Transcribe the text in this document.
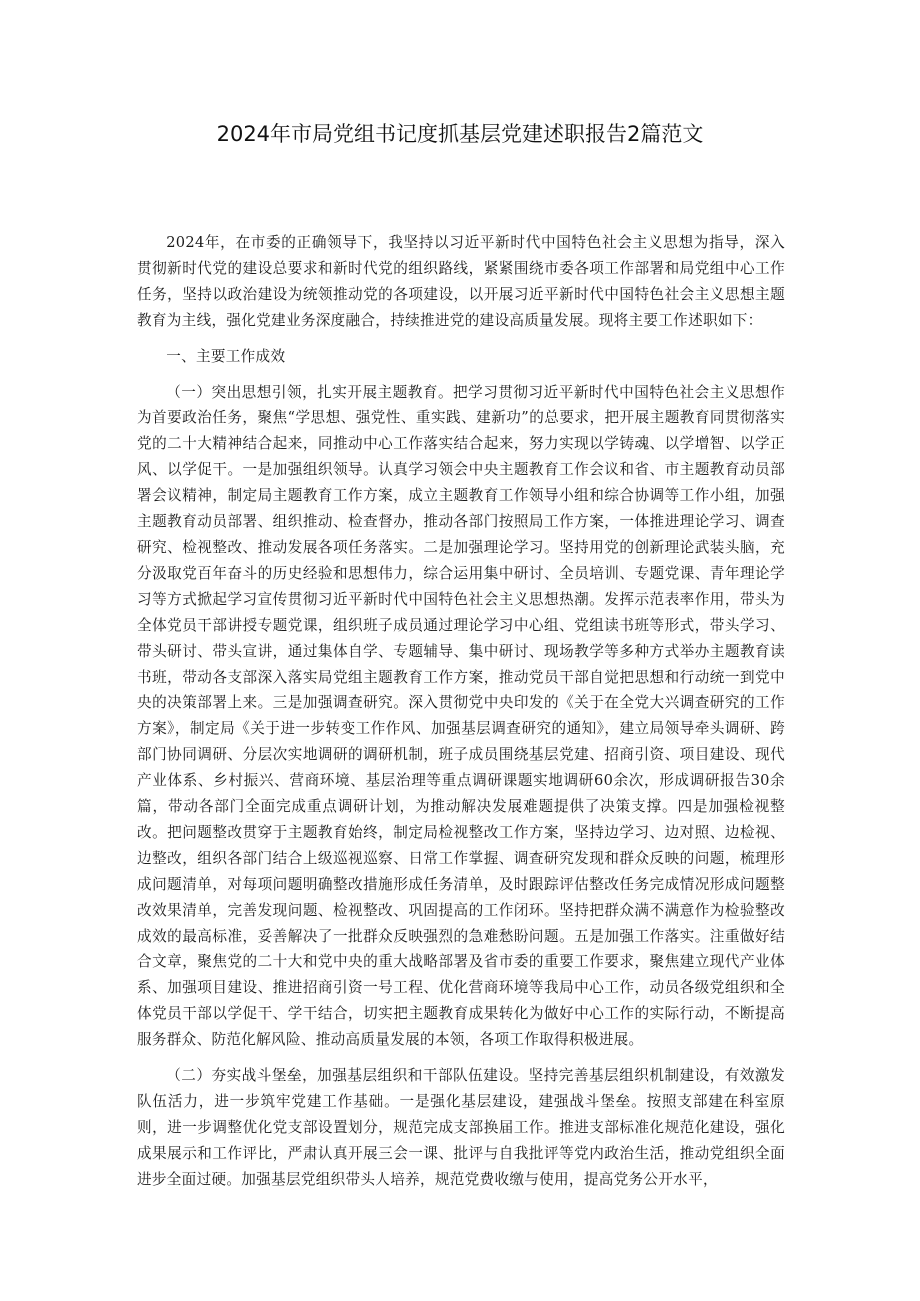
2024年市局党组书记度抓基层党建述职报告2篇范文

2024年，在市委的正确领导下，我坚持以习近平新时代中国特色社会主义思想为指导，深入贯彻新时代党的建设总要求和新时代党的组织路线，紧紧围绕市委各项工作部署和局党组中心工作任务，坚持以政治建设为统领推动党的各项建设，以开展习近平新时代中国特色社会主义思想主题教育为主线，强化党建业务深度融合，持续推进党的建设高质量发展。现将主要工作述职如下：

一、主要工作成效

（一）突出思想引领，扎实开展主题教育。把学习贯彻习近平新时代中国特色社会主义思想作为首要政治任务，聚焦“学思想、强党性、重实践、建新功”的总要求，把开展主题教育同贯彻落实党的二十大精神结合起来，同推动中心工作落实结合起来，努力实现以学铸魂、以学增智、以学正风、以学促干。一是加强组织领导。认真学习领会中央主题教育工作会议和省、市主题教育动员部署会议精神，制定局主题教育工作方案，成立主题教育工作领导小组和综合协调等工作小组，加强主题教育动员部署、组织推动、检查督办，推动各部门按照局工作方案，一体推进理论学习、调查研究、检视整改、推动发展各项任务落实。二是加强理论学习。坚持用党的创新理论武装头脑，充分汲取党百年奋斗的历史经验和思想伟力，综合运用集中研讨、全员培训、专题党课、青年理论学习等方式掀起学习宣传贯彻习近平新时代中国特色社会主义思想热潮。发挥示范表率作用，带头为全体党员干部讲授专题党课，组织班子成员通过理论学习中心组、党组读书班等形式，带头学习、带头研讨、带头宣讲，通过集体自学、专题辅导、集中研讨、现场教学等多种方式举办主题教育读书班，带动各支部深入落实局党组主题教育工作方案，推动党员干部自觉把思想和行动统一到党中央的决策部署上来。三是加强调查研究。深入贯彻党中央印发的《关于在全党大兴调查研究的工作方案》，制定局《关于进一步转变工作作风、加强基层调查研究的通知》，建立局领导牵头调研、跨部门协同调研、分层次实地调研的调研机制，班子成员围绕基层党建、招商引资、项目建设、现代产业体系、乡村振兴、营商环境、基层治理等重点调研课题实地调研60余次，形成调研报告30余篇，带动各部门全面完成重点调研计划，为推动解决发展难题提供了决策支撑。四是加强检视整改。把问题整改贯穿于主题教育始终，制定局检视整改工作方案，坚持边学习、边对照、边检视、边整改，组织各部门结合上级巡视巡察、日常工作掌握、调查研究发现和群众反映的问题，梳理形成问题清单，对每项问题明确整改措施形成任务清单，及时跟踪评估整改任务完成情况形成问题整改效果清单，完善发现问题、检视整改、巩固提高的工作闭环。坚持把群众满不满意作为检验整改成效的最高标准，妥善解决了一批群众反映强烈的急难愁盼问题。五是加强工作落实。注重做好结合文章，聚焦党的二十大和党中央的重大战略部署及省市委的重要工作要求，聚焦建立现代产业体系、加强项目建设、推进招商引资一号工程、优化营商环境等我局中心工作，动员各级党组织和全体党员干部以学促干、学干结合，切实把主题教育成果转化为做好中心工作的实际行动，不断提高服务群众、防范化解风险、推动高质量发展的本领，各项工作取得积极进展。

（二）夯实战斗堡垒，加强基层组织和干部队伍建设。坚持完善基层组织机制建设，有效激发队伍活力，进一步筑牢党建工作基础。一是强化基层建设，建强战斗堡垒。按照支部建在科室原则，进一步调整优化党支部设置划分，规范完成支部换届工作。推进支部标准化规范化建设，强化成果展示和工作评比，严肃认真开展三会一课、批评与自我批评等党内政治生活，推动党组织全面进步全面过硬。加强基层党组织带头人培养，规范党费收缴与使用，提高党务公开水平，
